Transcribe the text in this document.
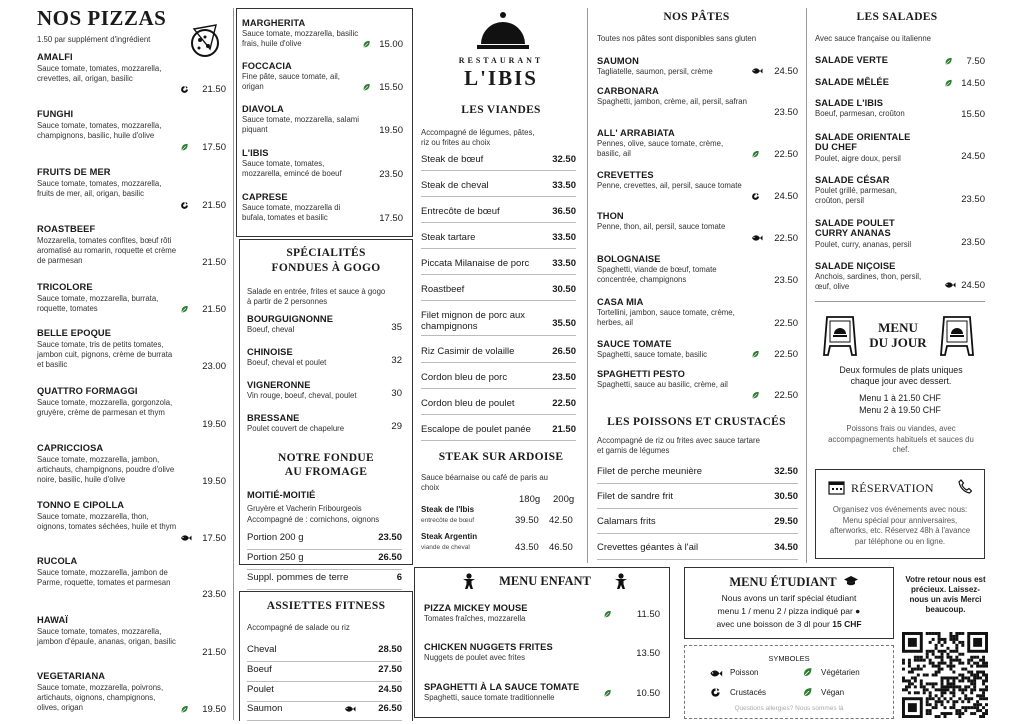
NOS PIZZAS
1.50 par supplément d'ingrédient
AMALFI
Sauce tomate, tomates, mozzarella, crevettes, ail, origan, basilic
21.50
FUNGHI
Sauce tomate, tomates, mozzarella, champignons, basilic, huile d'olive
17.50
FRUITS DE MER
Sauce tomate, tomates, mozzarella, fruits de mer, ail, origan, basilic
21.50
ROASTBEEF
Mozzarella, tomates confites, bœuf rôti aromatisé au romarin, roquette et crème de parmesan	21.50
TRICOLORE
Sauce tomate, mozzarella, burrata, roquette, tomates	21.50
BELLE EPOQUE
Sauce tomate, tris de petits tomates, jambon cuit, pignons, crème de burrata et basilic	23.00
QUATTRO FORMAGGI
Sauce tomate, mozzarella, gorgonzola, gruyère, crème de parmesan et thym
19.50
CAPRICCIOSA
Sauce tomate, mozzarella, jambon, artichauts, champignons, poudre d'olive noire, basilic, huile d'olive	19.50
TONNO E CIPOLLA
Sauce tomate, mozzarella, thon, oignons, tomates séchées, huile et thym
17.50
RUCOLA
Sauce tomate, mozzarella, jambon de Parme, roquette, tomates et parmesan
23.50
HAWAÏ
Sauce tomate, tomates, mozzarella, jambon d'épaule, ananas, origan, basilic
21.50
VEGETARIANA
Sauce tomate, mozzarella, poivrons, artichauts, oignons, champignons, olives, origan	19.50
MARGHERITA
Sauce tomate, mozzarella, basilic frais, huile d'olive	15.00
FOCCACIA
Fine pâte, sauce tomate, ail, origan	15.50
DIAVOLA
Sauce tomate, mozzarella, salami piquant	19.50
L'IBIS
Sauce tomate, tomates, mozzarella, emincé de boeuf	23.50
CAPRESE
Sauce tomate, mozzarella di bufala, tomates et basilic	17.50
SPÉCIALITÉS
FONDUES À GOGO
Salade en entrée, frites et sauce à gogo à partir de 2 personnes
BOURGUIGNONNE
Boeuf, cheval	35
CHINOISE
Boeuf, cheval et poulet	32
VIGNERONNE
Vin rouge, boeuf, cheval, poulet	30
BRESSANE
Poulet couvert de chapelure	29
NOTRE FONDUE
AU FROMAGE
MOITIÉ-MOITIÉ
Gruyère et Vacherin Fribourgeois
Accompagné de : cornichons, oignons
Portion 200 g	23.50
Portion 250 g	26.50
Suppl. pommes de terre	6
ASSIETTES FITNESS
Accompagné de salade ou riz
Cheval	28.50
Boeuf	27.50
Poulet	24.50
Saumon	26.50
RESTAURANT
L'IBIS
LES VIANDES
Accompagné de légumes, pâtes, riz ou frites au choix
Steak de bœuf	32.50
Steak de cheval	33.50
Entrecôte de bœuf	36.50
Steak tartare	33.50
Piccata Milanaise de porc 33.50
Roastbeef	30.50
Filet mignon de porc aux champignons	35.50
Riz Casimir de volaille	26.50
Cordon bleu de porc	23.50
Cordon bleu de poulet	22.50
Escalope de poulet panée 21.50
STEAK SUR ARDOISE
Sauce béarnaise ou café de paris au choix
180g 200g
Steak de l'Ibis
entrecôte de bœuf	39.50 42.50
Steak Argentin
viande de cheval	43.50 46.50
MENU ENFANT
PIZZA MICKEY MOUSE
Tomates fraîches, mozzarella	11.50
CHICKEN NUGGETS FRITES
Nuggets de poulet avec frites	13.50
SPAGHETTI À LA SAUCE TOMATE
Spaghetti, sauce tomate traditionnelle	10.50
NOS PÂTES
Toutes nos pâtes sont disponibles sans gluten
SAUMON
Tagliatelle, saumon, persil, crème	24.50
CARBONARA
Spaghetti, jambon, crème, ail, persil, safran
23.50
ALL' ARRABIATA
Pennes, olive, sauce tomate, crème, basilic, ail	22.50
CREVETTES
Penne, crevettes, ail, persil, sauce tomate
24.50
THON
Penne, thon, ail, persil, sauce tomate
22.50
BOLOGNAISE
Spaghetti, viande de bœuf, tomate concentrée, champignons	23.50
CASA MIA
Tortellini, jambon, sauce tomate, crème, herbes, ail	22.50
SAUCE TOMATE
Spaghetti, sauce tomate, basilic	22.50
SPAGHETTI PESTO
Spaghetti, sauce au basilic, crème, ail
22.50
LES POISSONS ET CRUSTACÉS
Accompagné de riz ou frites avec sauce tartare et garnis de légumes
Filet de perche meunière	32.50
Filet de sandre frit	30.50
Calamars frits	29.50
Crevettes géantes à l'ail	34.50
MENU ÉTUDIANT
Nous avons un tarif spécial étudiant
menu 1 / menu 2 / pizza indiqué par ●
avec une boisson de 3 dl pour 15 CHF
SYMBOLES
Poisson	Végétarien
Crustacés	Végan
Questions allergies? Nous sommes là
LES SALADES
Avec sauce française ou italienne
SALADE VERTE	7.50
SALADE MÊLÉE	14.50
SALADE L'IBIS
Boeuf, parmesan, croûton	15.50
SALADE ORIENTALE DU CHEF
Poulet, aigre doux, persil	24.50
SALADE CÉSAR
Poulet grillé, parmesan, croûton, persil	23.50
SALADE POULET CURRY ANANAS
Poulet, curry, ananas, persil	23.50
SALADE NIÇOISE
Anchois, sardines, thon, persil, œuf, olive	24.50
MENU
DU JOUR
Deux formules de plats uniques chaque jour avec dessert.
Menu 1 à 21.50 CHF
Menu 2 à 19.50 CHF
Poissons frais ou viandes, avec accompagnements habituels et sauces du chef.
RÉSERVATION
Organisez vos événements avec nous: Menu spécial pour anniversaires, afterworks, etc. Réservez 48h à l'avance par téléphone ou en ligne.
Votre retour nous est précieux. Laissez-nous un avis Merci beaucoup.
